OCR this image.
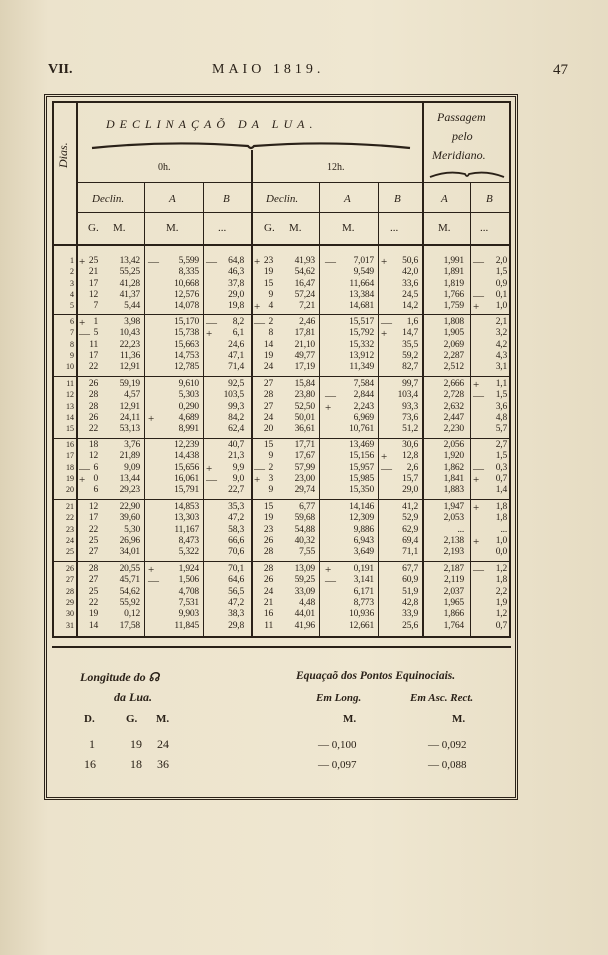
VII.	MAIO 1819.	47
DECLINAÇAÕ DA LUA.
0h.	12h.
Passagem
pelo
Meridiano.
Dias.
Declin.	A	B	Declin.	A	B	A	B
G. M.	M.	...	G. M.	M.	...	M.	...
1 + 25	13,42 —	5,599 —	64,8 + 23	41,93 —	7,017 +	50,6	1,991 —	2,0
2	21	55,25	8,335	46,3	19	54,62	9,549	42,0	1,891	1,5
3	17	41,28	10,668	37,8	15	16,47	11,664	33,6	1,819	0,9
4	12	41,37	12,576	29,0	9	57,24	13,384	24,5	1,766 —	0,1
5	7	5,44	14,078	19,8 + 4	7,21	14,681	14,2	1,759 +	1,0
6 + 1	3,98	15,170 —	8,2 — 2	2,46	15,517 —	1,6	1,808	2,1
7 — 5	10,43	15,738 +	6,1	8	17,81	15,792 +	14,7	1,905	3,2
8	11	22,23	15,663	24,6	14	21,10	15,332	35,5	2,069	4,2
9	17	11,36	14,753	47,1	19	49,77	13,912	59,2	2,287	4,3
10	22	12,91	12,785	71,4	24	17,19	11,349	82,7	2,512	3,1
11	26	59,19	9,610	92,5	27	15,84	7,584	99,7	2,666 +	1,1
12	28	4,57	5,303	103,5	28	23,80 —	2,844	103,4	2,728 —	1,5
13	28	12,91	0,290	99,3	27	52,50 +	2,243	93,3	2,632	3,6
14	26	24,11 +	4,689	84,2	24	50,01	6,969	73,6	2,447	4,8
15	22	53,13	8,991	62,4	20	36,61	10,761	51,2	2,230	5,7
16	18	3,76	12,239	40,7	15	17,71	13,469	30,6	2,056	2,7
17	12	21,89	14,438	21,3	9	17,67	15,156 +	12,8	1,920	1,5
18 — 6	9,09	15,656 +	9,9 — 2	57,99	15,957 —	2,6	1,862 —	0,3
19 + 0	13,44	16,061 —	9,0 + 3	23,00	15,985	15,7	1,841 +	0,7
20	6	29,23	15,791	22,7	9	29,74	15,350	29,0	1,883	1,4
21	12	22,90	14,853	35,3	15	6,77	14,146	41,2	1,947 +	1,8
22	17	39,60	13,303	47,2	19	59,68	12,309	52,9	2,053	1,8
23	22	5,30	11,167	58,3	23	54,88	9,886	62,9	...	...
24	25	26,96	8,473	66,6	26	40,32	6,943	69,4	2,138 +	1,0
25	27	34,01	5,322	70,6	28	7,55	3,649	71,1	2,193	0,0
26	28	20,55 +	1,924	70,1	28	13,09 +	0,191	67,7	2,187 —	1,2
27	27	45,71 —	1,506	64,6	26	59,25 —	3,141	60,9	2,119	1,8
28	25	54,62	4,708	56,5	24	33,09	6,171	51,9	2,037	2,2
29	22	55,92	7,531	47,2	21	4,48	8,773	42,8	1,965	1,9
30	19	0,12	9,903	38,3	16	44,01	10,936	33,9	1,866	1,2
31	14	17,58	11,845	29,8	11	41,96	12,661	25,6	1,764	0,7
Longitude do ☊
da Lua.
D.	G. M.
1	19 24
16	18 36
Equaçaõ dos Pontos Equinociais.
Em Long.	Em Asc. Rect.
M.	M.
— 0,100	— 0,092
— 0,097	— 0,088
